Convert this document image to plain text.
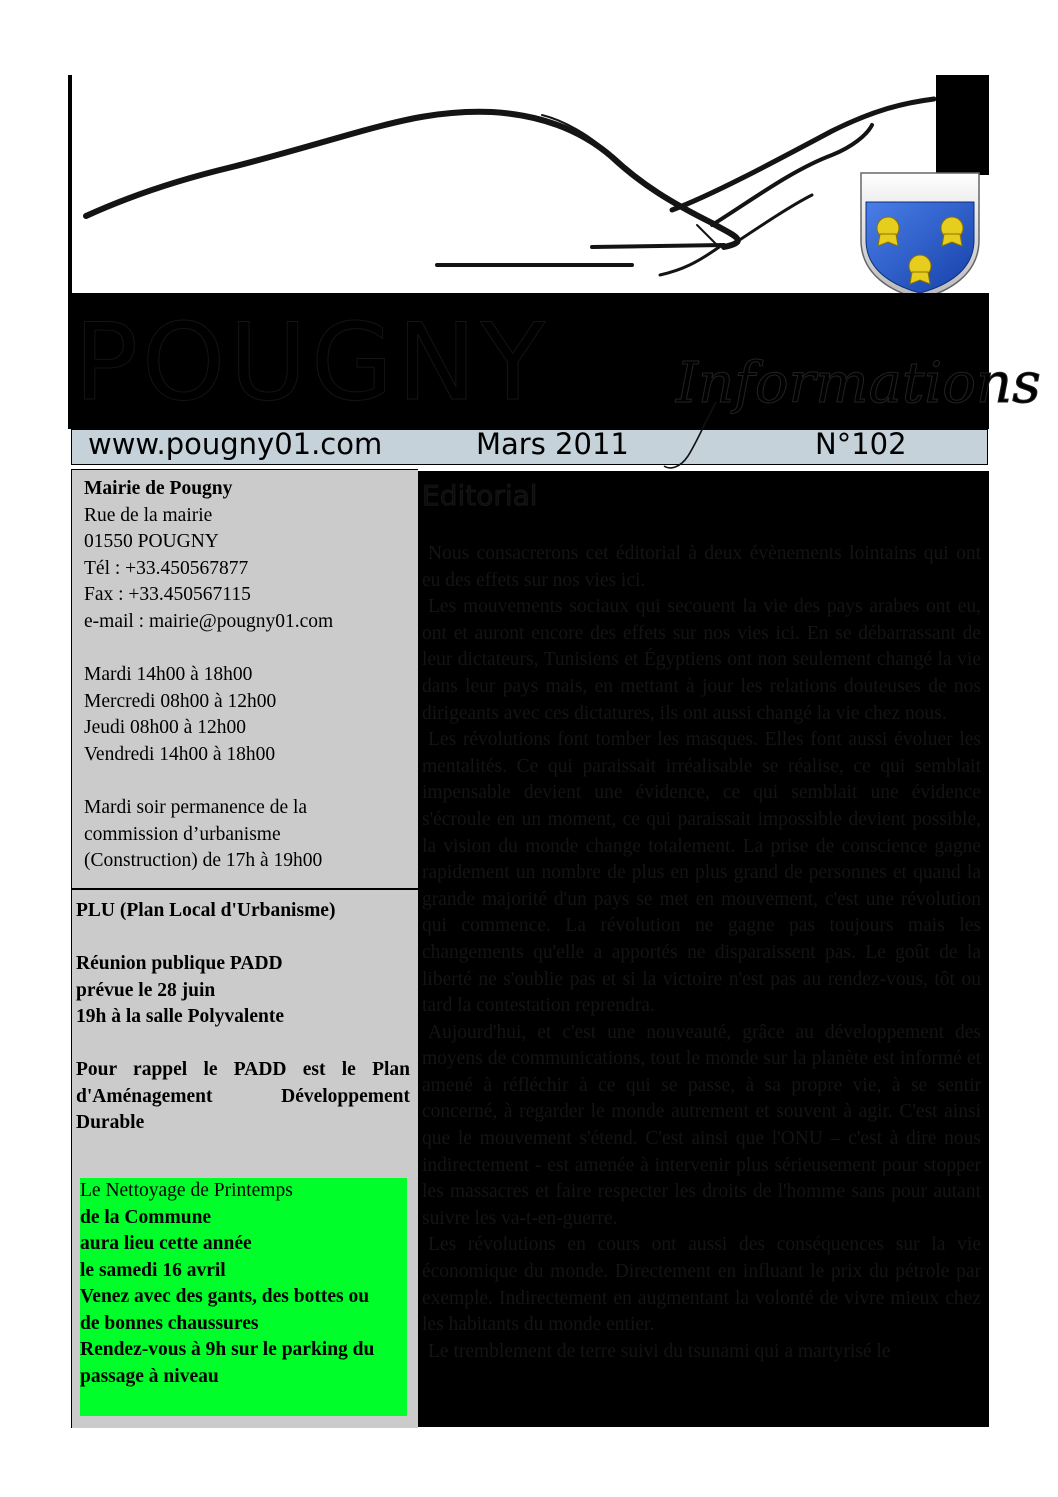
POUGNY Informations
www.pougny01.com	Mars 2011	N°102
Mairie de Pougny
Rue de la mairie
01550 POUGNY
Tél : +33.450567877
Fax : +33.450567115
e-mail : mairie@pougny01.com
Mardi 14h00 à 18h00
Mercredi 08h00 à 12h00
Jeudi 08h00 à 12h00
Vendredi 14h00 à 18h00
Mardi soir permanence de la
commission d’urbanisme
(Construction) de 17h à 19h00

PLU (Plan Local d'Urbanisme)

Réunion publique PADD
prévue le 28 juin
19h à la salle Polyvalente

Pour rappel le PADD est le Plan
d'Aménagement Développement
Durable
Le Nettoyage de Printemps
de la Commune
aura lieu cette année
le samedi 16 avril
Venez avec des gants, des bottes ou
de bonnes chaussures
Rendez-vous à 9h sur le parking du
passage à niveau
Editorial

Nous consacrerons cet éditorial à deux évènements lointains qui ont eu des effets sur nos vies ici.

Les mouvements sociaux qui secouent la vie des pays arabes ont eu, ont et auront encore des effets sur nos vies ici. En se débarrassant de leur dictateurs, Tunisiens et Égyptiens ont non seulement changé la vie dans leur pays mais, en mettant à jour les relations douteuses de nos dirigeants avec ces dictatures, ils ont aussi changé la vie chez nous.

Les révolutions font tomber les masques. Elles font aussi évoluer les mentalités. Ce qui paraissait irréalisable se réalise, ce qui semblait impensable devient une évidence, ce qui semblait une évidence s'écroule en un moment, ce qui paraissait impossible devient possible, la vision du monde change totalement. La prise de conscience gagne rapidement un nombre de plus en plus grand de personnes et quand la grande majorité d'un pays se met en mouvement, c'est une révolution qui commence. La révolution ne gagne pas toujours mais les changements qu'elle a apportés ne disparaissent pas. Le goût de la liberté ne s'oublie pas et si la victoire n'est pas au rendez-vous, tôt ou tard la contestation reprendra.

Aujourd'hui, et c'est une nouveauté, grâce au développement des moyens de communications, tout le monde sur la planète est informé et amené à réfléchir à ce qui se passe, à sa propre vie, à se sentir concerné, à regarder le monde autrement et souvent à agir. C'est ainsi que le mouvement s'étend. C'est ainsi que l'ONU – c'est à dire nous indirectement - est amenée à intervenir plus sérieusement pour stopper les massacres et faire respecter les droits de l'homme sans pour autant suivre les va-t-en-guerre.

Les révolutions en cours ont aussi des conséquences sur la vie économique du monde. Directement en influant le prix du pétrole par exemple. Indirectement en augmentant la volonté de vivre mieux chez les habitants du monde entier.

Le tremblement de terre suivi du tsunami qui a martyrisé le
